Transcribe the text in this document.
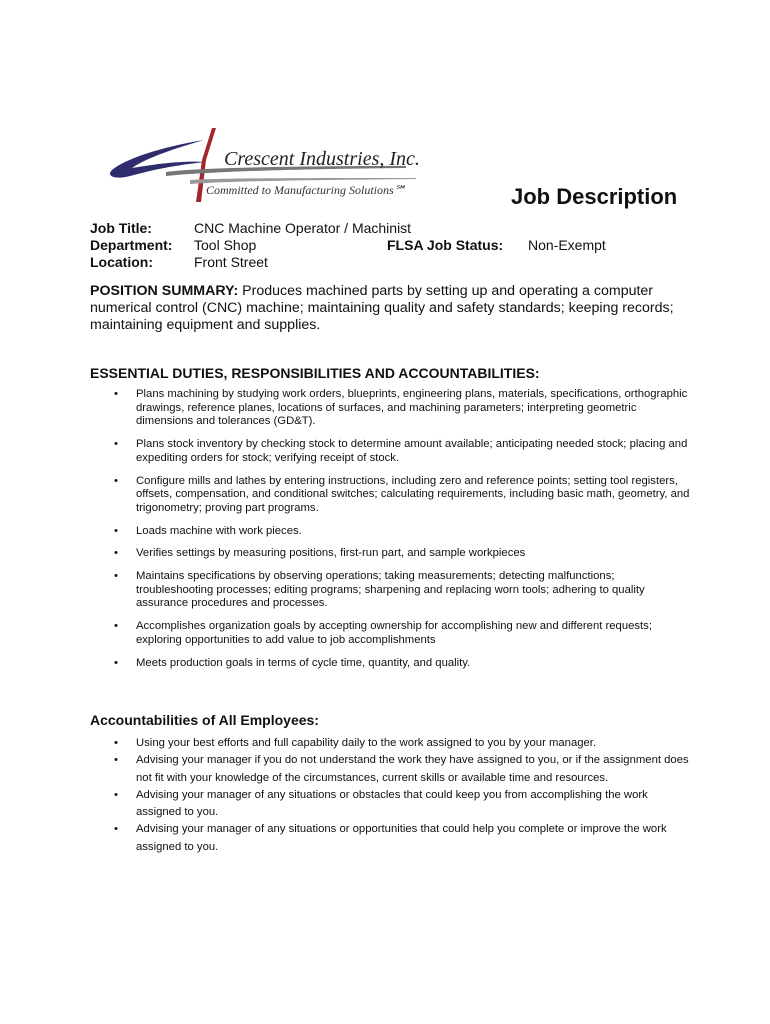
Crescent Industries, Inc.
Committed to Manufacturing Solutions℠	Job Description
Job Title:	CNC Machine Operator / Machinist
Department: Tool Shop	FLSA Job Status: Non-Exempt
Location:	Front Street
POSITION SUMMARY: Produces machined parts by setting up and operating a computer numerical control (CNC) machine; maintaining quality and safety standards; keeping records; maintaining equipment and supplies.
ESSENTIAL DUTIES, RESPONSIBILITIES AND ACCOUNTABILITIES:
• Plans machining by studying work orders, blueprints, engineering plans, materials, specifications, orthographic drawings, reference planes, locations of surfaces, and machining parameters; interpreting geometric dimensions and tolerances (GD&T).
• Plans stock inventory by checking stock to determine amount available; anticipating needed stock; placing and expediting orders for stock; verifying receipt of stock.
• Configure mills and lathes by entering instructions, including zero and reference points; setting tool registers, offsets, compensation, and conditional switches; calculating requirements, including basic math, geometry, and trigonometry; proving part programs.
• Loads machine with work pieces.
• Verifies settings by measuring positions, first-run part, and sample workpieces
• Maintains specifications by observing operations; taking measurements; detecting malfunctions; troubleshooting processes; editing programs; sharpening and replacing worn tools; adhering to quality assurance procedures and processes.
• Accomplishes organization goals by accepting ownership for accomplishing new and different requests; exploring opportunities to add value to job accomplishments
• Meets production goals in terms of cycle time, quantity, and quality.
Accountabilities of All Employees:
• Using your best efforts and full capability daily to the work assigned to you by your manager.
• Advising your manager if you do not understand the work they have assigned to you, or if the assignment does not fit with your knowledge of the circumstances, current skills or available time and resources.
• Advising your manager of any situations or obstacles that could keep you from accomplishing the work assigned to you.
• Advising your manager of any situations or opportunities that could help you complete or improve the work assigned to you.
